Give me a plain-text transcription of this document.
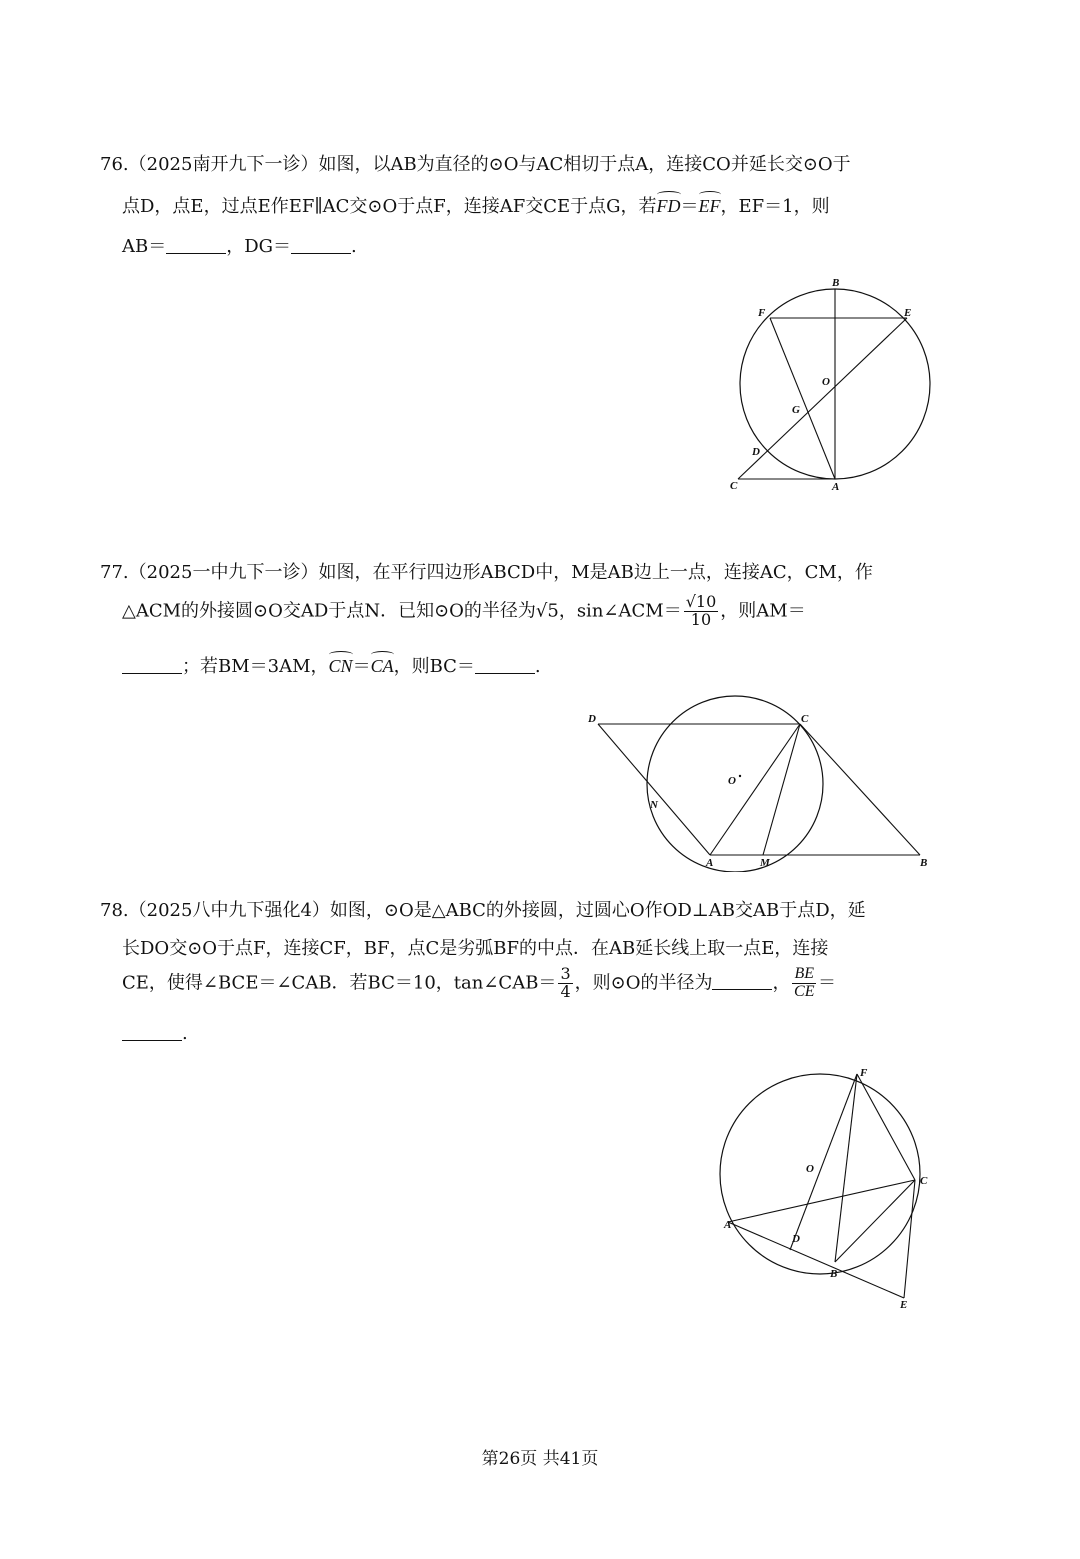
76.（2025南开九下一诊）如图，以AB为直径的⊙O与AC相切于点A，连接CO并延长交⊙O于
点D，点E，过点E作EF∥AC交⊙O于点F，连接AF交CE于点G，若FD＝EF，EF＝1，则
AB＝	，DG＝	.
B
F	E
O
G
D
C	A
77.（2025一中九下一诊）如图，在平行四边形ABCD中，M是AB边上一点，连接AC，CM，作
△ACM的外接圆⊙O交AD于点N．已知⊙O的半径为√5，sin∠ACM＝ $\frac{√10}{10}$ ，则AM＝
；若BM＝3AM，CN＝CA，则BC＝	.
D	C
O
N
A	M	B
78.（2025八中九下强化4）如图，⊙O是△ABC的外接圆，过圆心O作OD⊥AB交AB于点D，延
长DO交⊙O于点F，连接CF，BF，点C是劣弧BF的中点．在AB延长线上取一点E，连接
CE，使得∠BCE＝∠CAB．若BC＝10，tan∠CAB＝ $\frac{3}{4}$ ，则⊙O的半径为	， $\frac{BE}{CE}$ ＝
.
F
O
C
A
D
B
E
第26页 共41页
